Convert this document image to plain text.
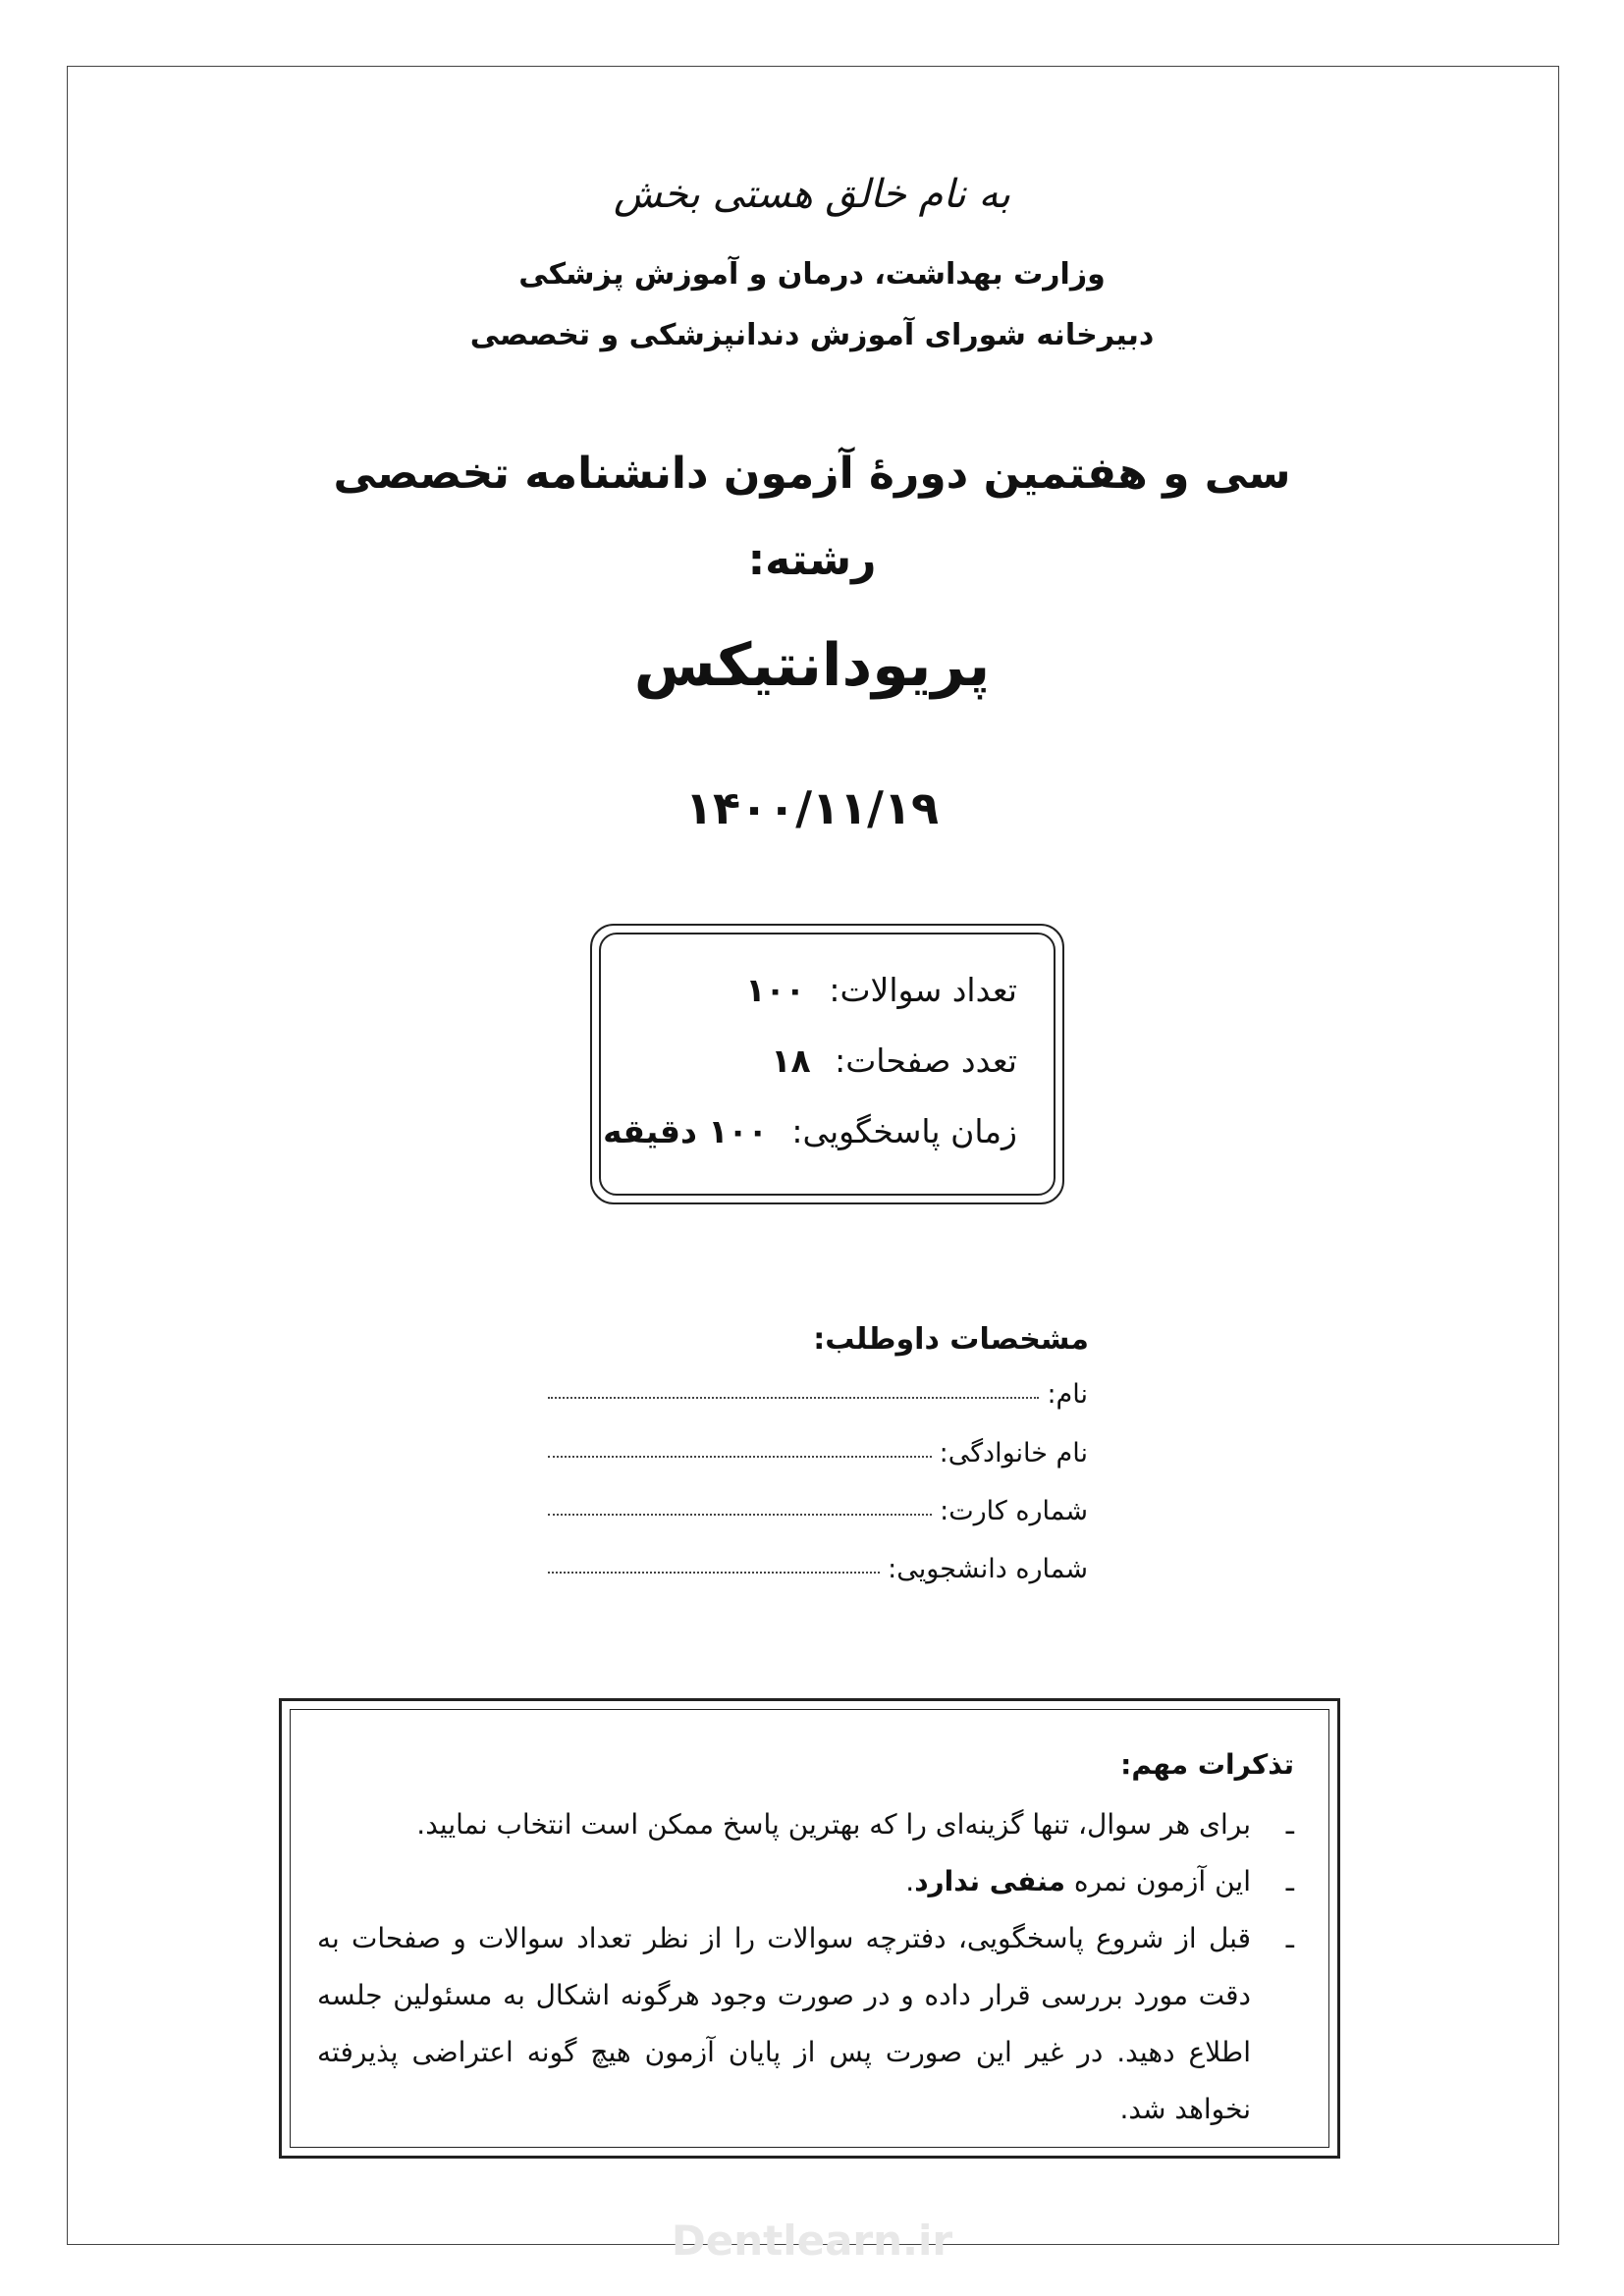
به نام خالق هستی بخش
وزارت بهداشت، درمان و آموزش پزشکی
دبیرخانه شورای آموزش دندانپزشکی و تخصصی
سی و هفتمین دورهٔ آزمون دانشنامه تخصصی
رشته:
پریودانتیکس
۱۴۰۰/۱۱/۱۹
تعداد سوالات: ۱۰۰
تعدد صفحات: ۱۸
زمان پاسخگویی: ۱۰۰ دقیقه
مشخصات داوطلب:
نام:
نام خانوادگی:
شماره کارت:
شماره دانشجویی:
تذکرات مهم:
ـ
برای هر سوال، تنها گزینه‌ای را که بهترین پاسخ ممکن است انتخاب نمایید.
ـ
این آزمون نمره منفی ندارد.
ـ
قبل از شروع پاسخگویی، دفترچه سوالات را از نظر تعداد سوالات و صفحات به دقت مورد بررسی قرار داده و در صورت وجود هرگونه اشکال به مسئولین جلسه اطلاع دهید. در غیر این صورت پس از پایان آزمون هیچ گونه اعتراضی پذیرفته نخواهد شد.
Dentlearn.ir
